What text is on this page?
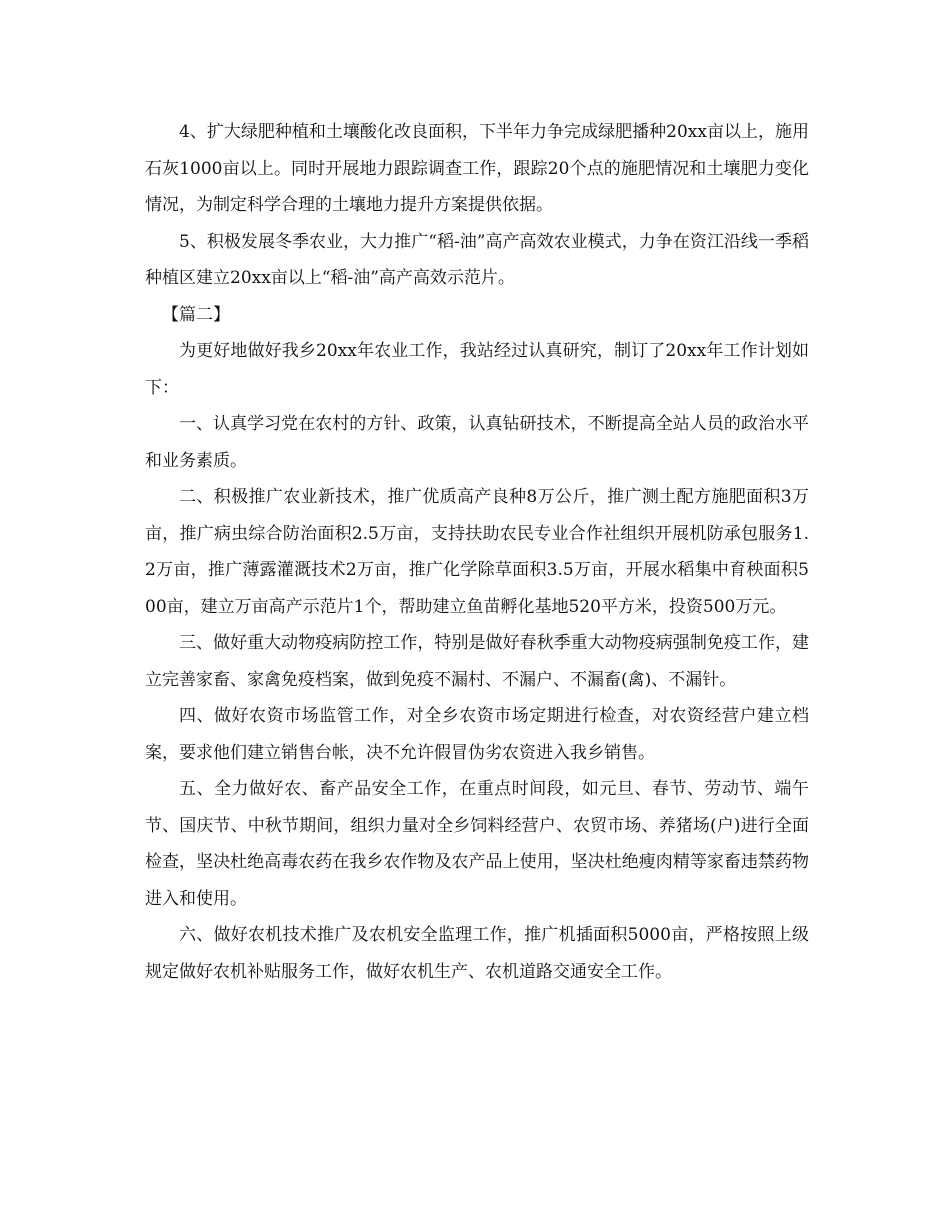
4、扩大绿肥种植和土壤酸化改良面积，下半年力争完成绿肥播种20xx亩以上，施用石灰1000亩以上。同时开展地力跟踪调查工作，跟踪20个点的施肥情况和土壤肥力变化情况，为制定科学合理的土壤地力提升方案提供依据。

5、积极发展冬季农业，大力推广“稻-油”高产高效农业模式，力争在资江沿线一季稻种植区建立20xx亩以上“稻-油”高产高效示范片。

【篇二】

为更好地做好我乡20xx年农业工作，我站经过认真研究，制订了20xx年工作计划如下：

一、认真学习党在农村的方针、政策，认真钻研技术，不断提高全站人员的政治水平和业务素质。

二、积极推广农业新技术，推广优质高产良种8万公斤，推广测土配方施肥面积3万亩，推广病虫综合防治面积2.5万亩，支持扶助农民专业合作社组织开展机防承包服务1.2万亩，推广薄露灌溉技术2万亩，推广化学除草面积3.5万亩，开展水稻集中育秧面积500亩，建立万亩高产示范片1个，帮助建立鱼苗孵化基地520平方米，投资500万元。

三、做好重大动物疫病防控工作，特别是做好春秋季重大动物疫病强制免疫工作，建立完善家畜、家禽免疫档案，做到免疫不漏村、不漏户、不漏畜(禽)、不漏针。

四、做好农资市场监管工作，对全乡农资市场定期进行检查，对农资经营户建立档案，要求他们建立销售台帐，决不允许假冒伪劣农资进入我乡销售。

五、全力做好农、畜产品安全工作，在重点时间段，如元旦、春节、劳动节、端午节、国庆节、中秋节期间，组织力量对全乡饲料经营户、农贸市场、养猪场(户)进行全面检查，坚决杜绝高毒农药在我乡农作物及农产品上使用，坚决杜绝瘦肉精等家畜违禁药物进入和使用。

六、做好农机技术推广及农机安全监理工作，推广机插面积5000亩，严格按照上级规定做好农机补贴服务工作，做好农机生产、农机道路交通安全工作。
